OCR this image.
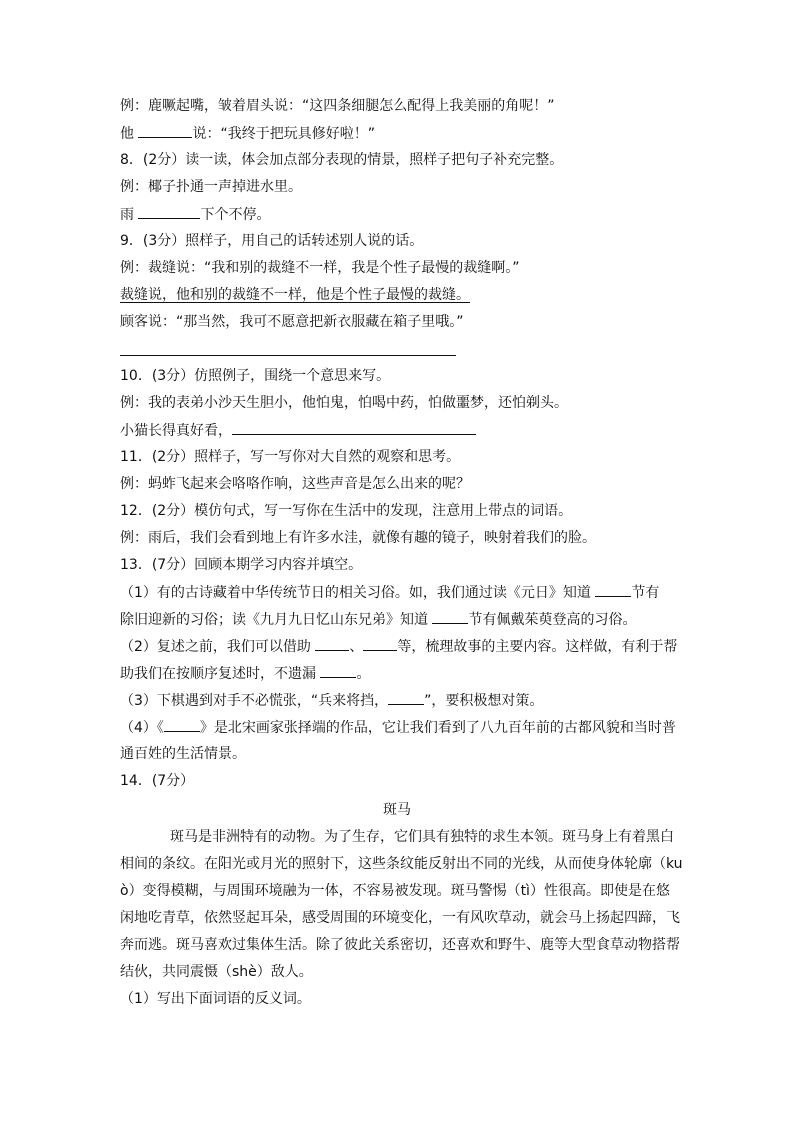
例：鹿噘起嘴，皱着眉头说：“这四条细腿怎么配得上我美丽的角呢！”
他	说：“我终于把玩具修好啦！”
8．(2分）读一读，体会加点部分表现的情景，照样子把句子补充完整。
例：椰子扑通一声掉进水里。
雨	下个不停。
9．(3分）照样子，用自己的话转述别人说的话。
例：裁缝说：“我和别的裁缝不一样，我是个性子最慢的裁缝啊。”
裁缝说，他和别的裁缝不一样，他是个性子最慢的裁缝。
顾客说：“那当然，我可不愿意把新衣服藏在箱子里哦。”
10．(3分）仿照例子，围绕一个意思来写。
例：我的表弟小沙天生胆小，他怕鬼，怕喝中药，怕做噩梦，还怕剃头。
小猫长得真好看，
11．(2分）照样子，写一写你对大自然的观察和思考。
例：蚂蚱飞起来会咯咯作响，这些声音是怎么出来的呢？
12．(2分）模仿句式，写一写你在生活中的发现，注意用上带点的词语。
例：雨后，我们会看到地上有许多水洼，就像有趣的镜子，映射着我们的脸。
13．(7分）回顾本期学习内容并填空。
（1）有的古诗藏着中华传统节日的相关习俗。如，我们通过读《元日》知道	节有
除旧迎新的习俗；读《九月九日忆山东兄弟》知道	节有佩戴茱萸登高的习俗。
（2）复述之前，我们可以借助 、 等，梳理故事的主要内容。这样做，有利于帮
助我们在按顺序复述时，不遗漏	。
（3）下棋遇到对手不必慌张，“兵来将挡，	”，要积极想对策。
（4）《	》是北宋画家张择端的作品，它让我们看到了八九百年前的古都风貌和当时普
通百姓的生活情景。
14．(7分）
斑马
斑马是非洲特有的动物。为了生存，它们具有独特的求生本领。斑马身上有着黑白
相间的条纹。在阳光或月光的照射下，这些条纹能反射出不同的光线，从而使身体轮廓（ku
ò）变得模糊，与周围环境融为一体，不容易被发现。斑马警惕（tì）性很高。即使是在悠
闲地吃青草，依然竖起耳朵，感受周围的环境变化，一有风吹草动，就会马上扬起四蹄，飞
奔而逃。斑马喜欢过集体生活。除了彼此关系密切，还喜欢和野牛、鹿等大型食草动物搭帮
结伙，共同震慑（shè）敌人。
（1）写出下面词语的反义词。
